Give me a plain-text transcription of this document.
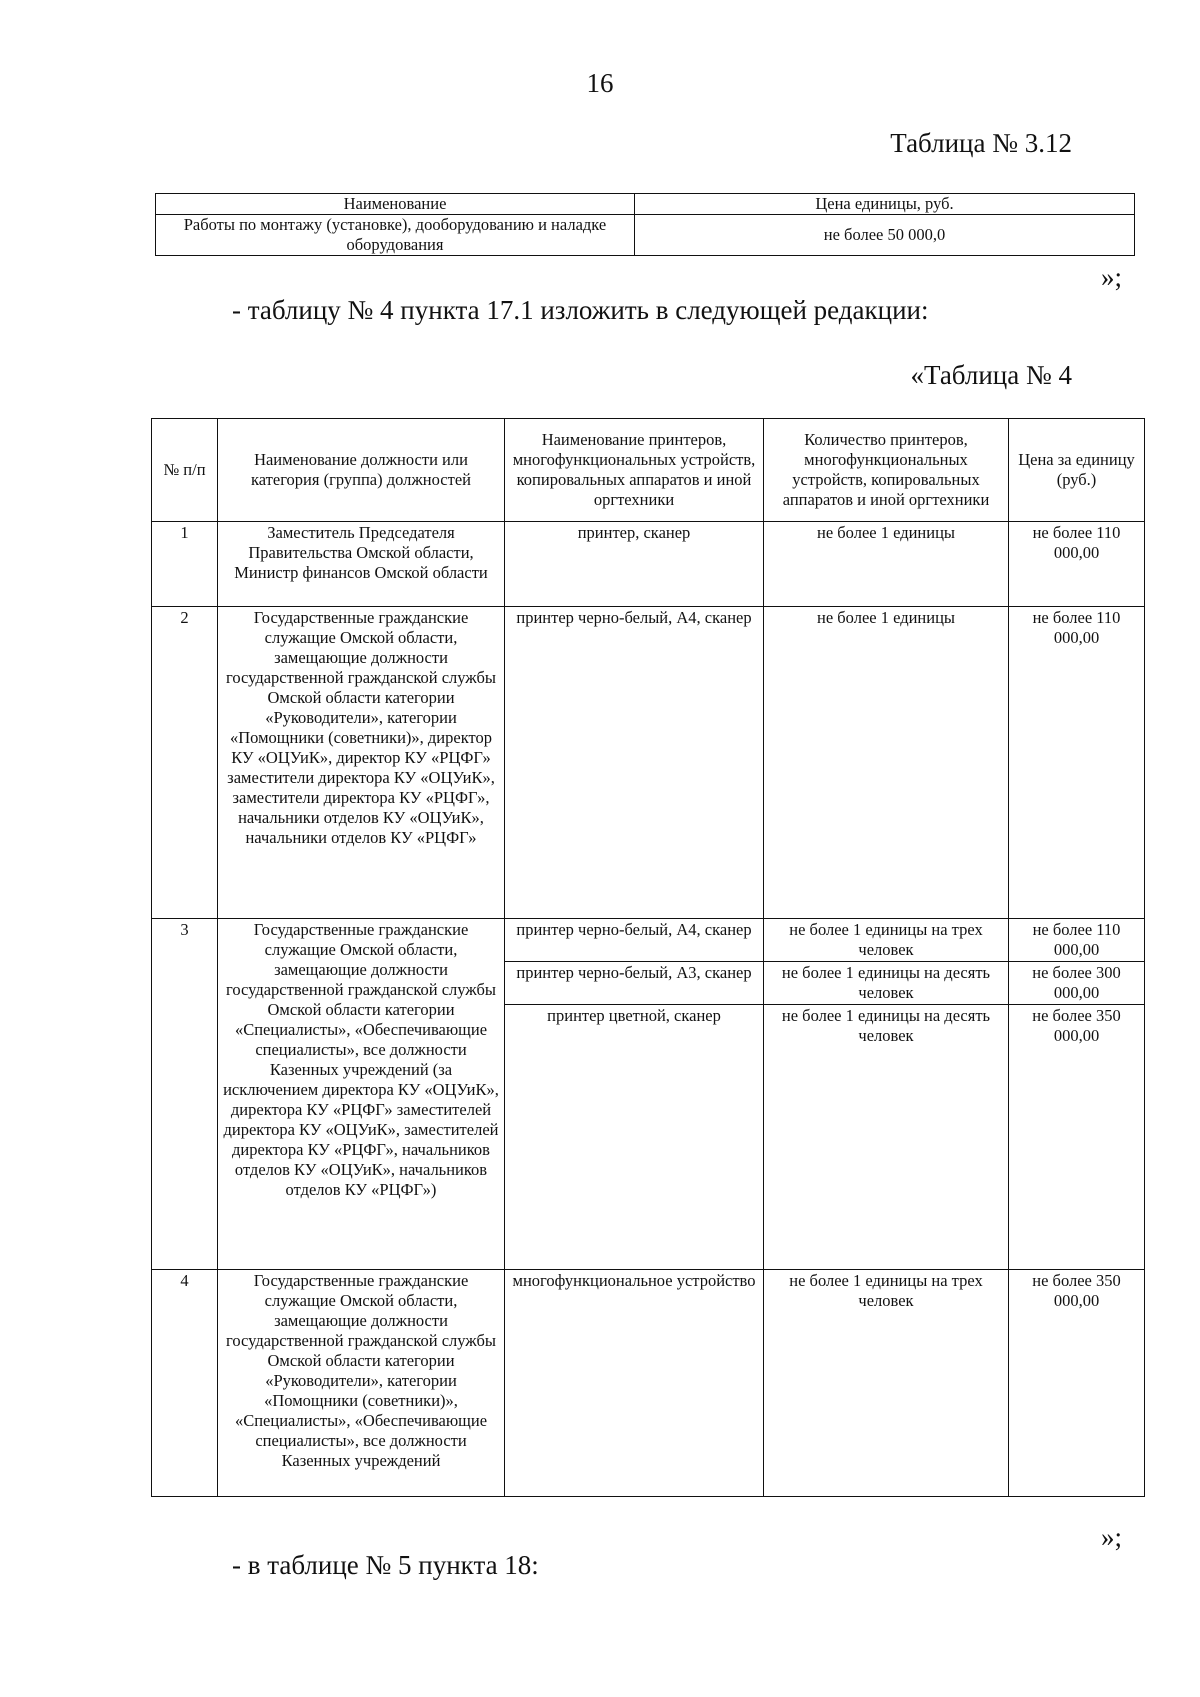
16
Таблица № 3.12
Наименование	Цена единицы, руб.
Работы по монтажу (установке), дооборудованию и наладке оборудования	не более 50 000,0
»;
- таблицу № 4 пункта 17.1 изложить в следующей редакции:
«Таблица № 4
№ п/п	Наименование должности или категория (группа) должностей	Наименование принтеров, многофункциональных устройств, копировальных аппаратов и иной оргтехники	Количество принтеров, многофункциональных устройств, копировальных аппаратов и иной оргтехники	Цена за единицу (руб.)
1	Заместитель Председателя Правительства Омской области, Министр финансов Омской области	принтер, сканер	не более 1 единицы	не более 110 000,00
2	Государственные гражданские служащие Омской области, замещающие должности государственной гражданской службы Омской области категории «Руководители», категории «Помощники (советники)», директор КУ «ОЦУиК», директор КУ «РЦФГ» заместители директора КУ «ОЦУиК», заместители директора КУ «РЦФГ», начальники отделов КУ «ОЦУиК», начальники отделов КУ «РЦФГ»	принтер черно-белый, А4, сканер	не более 1 единицы	не более 110 000,00
3	Государственные гражданские служащие Омской области, замещающие должности государственной гражданской службы Омской области категории «Специалисты», «Обеспечивающие специалисты», все должности Казенных учреждений (за исключением директора КУ «ОЦУиК», директора КУ «РЦФГ» заместителей директора КУ «ОЦУиК», заместителей директора КУ «РЦФГ», начальников отделов КУ «ОЦУиК», начальников отделов КУ «РЦФГ»)	принтер черно-белый, А4, сканер	не более 1 единицы на трех человек	не более 110 000,00
		принтер черно-белый, А3, сканер	не более 1 единицы на десять человек	не более 300 000,00
		принтер цветной, сканер	не более 1 единицы на десять человек	не более 350 000,00
4	Государственные гражданские служащие Омской области, замещающие должности государственной гражданской службы Омской области категории «Руководители», категории «Помощники (советники)», «Специалисты», «Обеспечивающие специалисты», все должности Казенных учреждений	многофункциональное устройство	не более 1 единицы на трех человек	не более 350 000,00
»;
- в таблице № 5 пункта 18:
